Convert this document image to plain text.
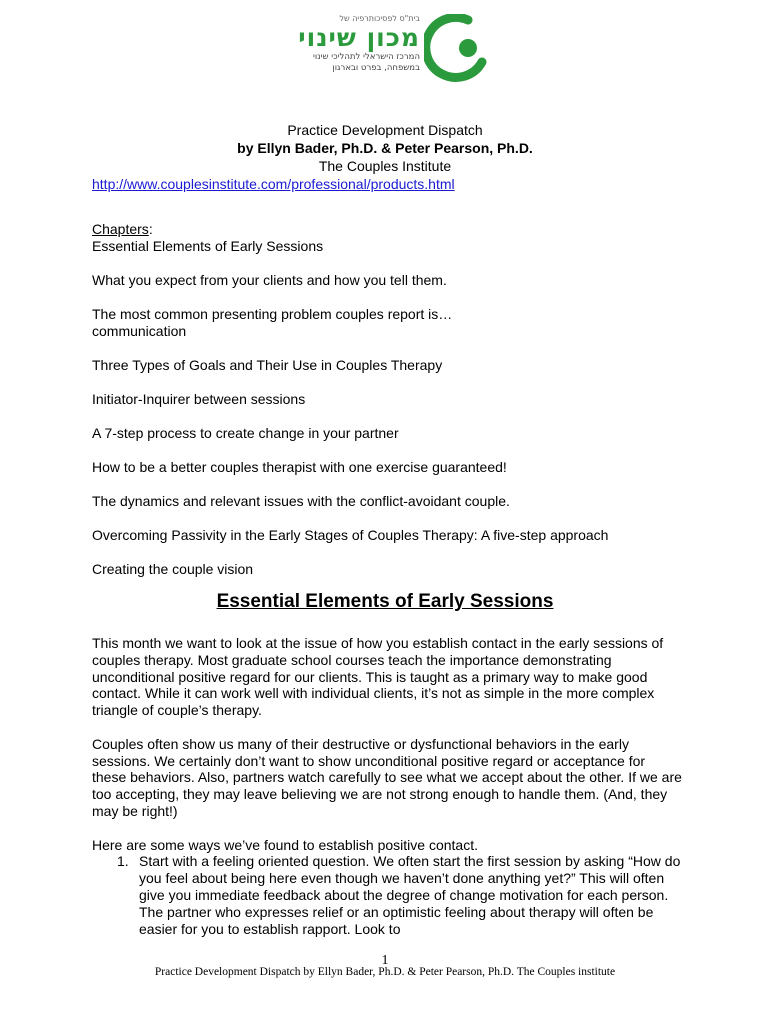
בית"ס לפסיכותרפיה של
מכון שינוי
המרכז הישראלי לתהליכי שינוי
במשפחה, בפרט ובארגון
Practice Development Dispatch
by Ellyn Bader, Ph.D. & Peter Pearson, Ph.D.
The Couples Institute
http://www.couplesinstitute.com/professional/products.html

Chapters:

Essential Elements of Early Sessions

What you expect from your clients and how you tell them.

The most common presenting problem couples report is…

communication

Three Types of Goals and Their Use in Couples Therapy

Initiator-Inquirer between sessions

A 7-step process to create change in your partner

How to be a better couples therapist with one exercise guaranteed!

The dynamics and relevant issues with the conflict-avoidant couple.

Overcoming Passivity in the Early Stages of Couples Therapy: A five-step approach

Creating the couple vision

Essential Elements of Early Sessions

This month we want to look at the issue of how you establish contact in the early sessions of couples therapy. Most graduate school courses teach the importance demonstrating unconditional positive regard for our clients. This is taught as a primary way to make good contact. While it can work well with individual clients, it’s not as simple in the more complex triangle of couple’s therapy.

Couples often show us many of their destructive or dysfunctional behaviors in the early sessions. We certainly don’t want to show unconditional positive regard or acceptance for these behaviors. Also, partners watch carefully to see what we accept about the other. If we are too accepting, they may leave believing we are not strong enough to handle them. (And, they may be right!)

Here are some ways we’ve found to establish positive contact.

1. Start with a feeling oriented question. We often start the first session by asking “How do you feel about being here even though we haven’t done anything yet?” This will often give you immediate feedback about the degree of change motivation for each person. The partner who expresses relief or an optimistic feeling about therapy will often be easier for you to establish rapport. Look to
1
Practice Development Dispatch by Ellyn Bader, Ph.D. & Peter Pearson, Ph.D. The Couples institute
